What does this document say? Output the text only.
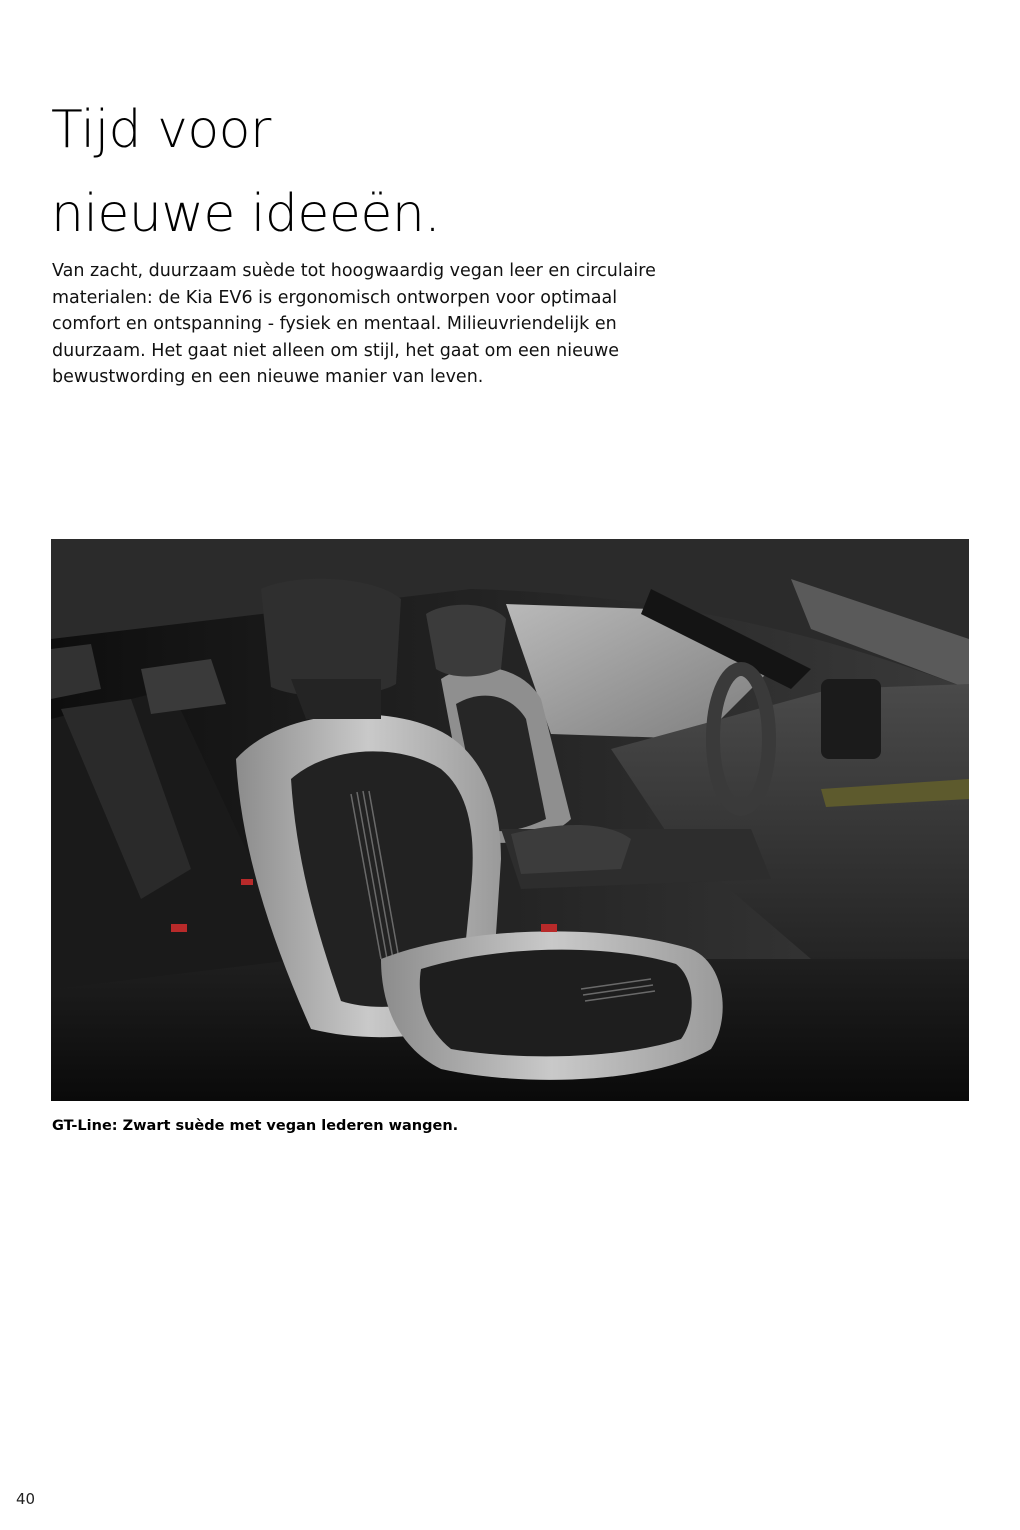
Tijd voor
nieuwe ideeën.

Van zacht, duurzaam suède tot hoogwaardig vegan leer en circulaire materialen: de Kia EV6 is ergonomisch ontworpen voor optimaal comfort en ontspanning - fysiek en mentaal. Milieuvriendelijk en duurzaam. Het gaat niet alleen om stijl, het gaat om een nieuwe bewustwording en een nieuwe manier van leven.

GT-Line: Zwart suède met vegan lederen wangen.

40
